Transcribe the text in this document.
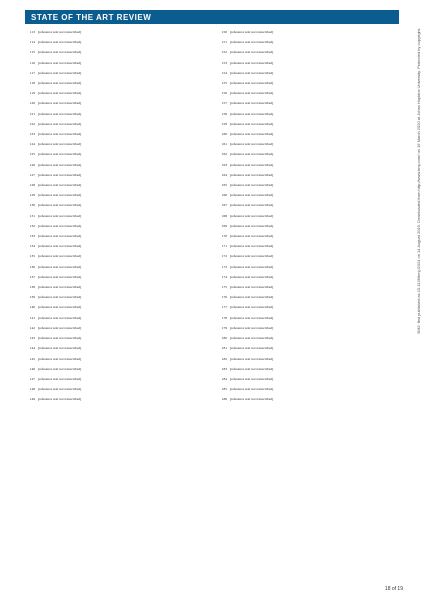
STATE OF THE ART REVIEW
113 [reference text not transcribed]
114 [reference text not transcribed]
115 [reference text not transcribed]
116 [reference text not transcribed]
117 [reference text not transcribed]
118 [reference text not transcribed]
119 [reference text not transcribed]
120 [reference text not transcribed]
121 [reference text not transcribed]
122 [reference text not transcribed]
123 [reference text not transcribed]
124 [reference text not transcribed]
125 [reference text not transcribed]
126 [reference text not transcribed]
127 [reference text not transcribed]
128 [reference text not transcribed]
129 [reference text not transcribed]
130 [reference text not transcribed]
131 [reference text not transcribed]
132 [reference text not transcribed]
133 [reference text not transcribed]
134 [reference text not transcribed]
135 [reference text not transcribed]
136 [reference text not transcribed]
137 [reference text not transcribed]
138 [reference text not transcribed]
139 [reference text not transcribed]
140 [reference text not transcribed]
141 [reference text not transcribed]
142 [reference text not transcribed]
143 [reference text not transcribed]
144 [reference text not transcribed]
145 [reference text not transcribed]
146 [reference text not transcribed]
147 [reference text not transcribed]
148 [reference text not transcribed]
149 [reference text not transcribed]
150 [reference text not transcribed]
151 [reference text not transcribed]
152 [reference text not transcribed]
153 [reference text not transcribed]
154 [reference text not transcribed]
155 [reference text not transcribed]
156 [reference text not transcribed]
157 [reference text not transcribed]
158 [reference text not transcribed]
159 [reference text not transcribed]
160 [reference text not transcribed]
161 [reference text not transcribed]
162 [reference text not transcribed]
163 [reference text not transcribed]
164 [reference text not transcribed]
165 [reference text not transcribed]
166 [reference text not transcribed]
167 [reference text not transcribed]
168 [reference text not transcribed]
169 [reference text not transcribed]
170 [reference text not transcribed]
171 [reference text not transcribed]
172 [reference text not transcribed]
173 [reference text not transcribed]
174 [reference text not transcribed]
175 [reference text not transcribed]
176 [reference text not transcribed]
177 [reference text not transcribed]
178 [reference text not transcribed]
179 [reference text not transcribed]
180 [reference text not transcribed]
181 [reference text not transcribed]
182 [reference text not transcribed]
183 [reference text not transcribed]
184 [reference text not transcribed]
185 [reference text not transcribed]
186 [reference text not transcribed]
18 of 19
BMJ: first published as 10.1136/bmj.l2024 on 14 August 2019. Downloaded from http://www.bmj.com/ on 16 March 2020 at Johns Hopkins University. Protected by copyright.
